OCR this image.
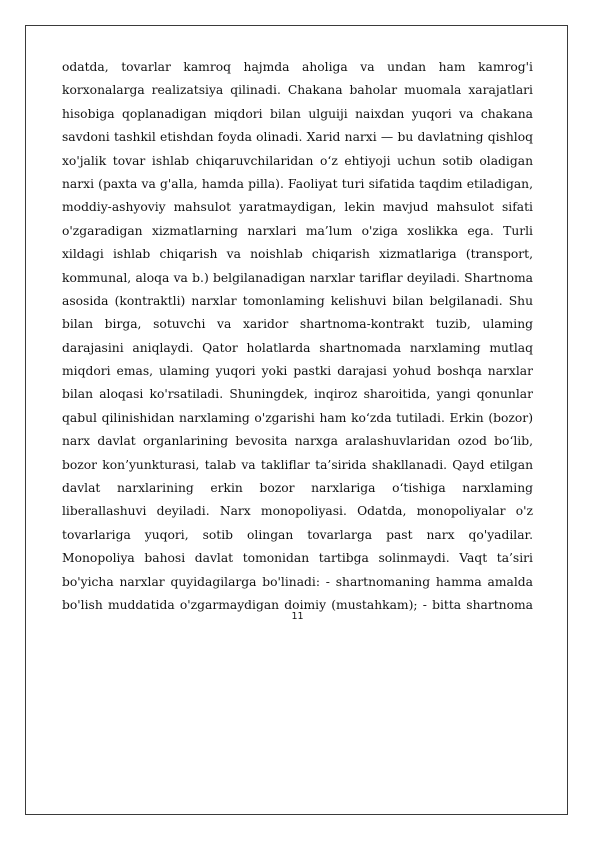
odatda, tovarlar kamroq hajmda aholiga va undan ham kamrog'i
korxonalarga realizatsiya qilinadi. Chakana baholar muomala xarajatlari
hisobiga qoplanadigan miqdori bilan ulguiji naixdan yuqori va chakana
savdoni tashkil etishdan foyda olinadi. Xarid narxi — bu davlatning qishloq
xo'jalik tovar ishlab chiqaruvchilaridan o‘z ehtiyoji uchun sotib oladigan
narxi (paxta va g'alla, hamda pilla). Faoliyat turi sifatida taqdim etiladigan,
moddiy-ashyoviy mahsulot yaratmaydigan, lekin mavjud mahsulot sifati
o'zgaradigan xizmatlarning narxlari ma’lum o'ziga xoslikka ega. Turli
xildagi ishlab chiqarish va noishlab chiqarish xizmatlariga (transport,
kommunal, aloqa va b.) belgilanadigan narxlar tariflar deyiladi. Shartnoma
asosida (kontraktli) narxlar tomonlaming kelishuvi bilan belgilanadi. Shu
bilan birga, sotuvchi va xaridor shartnoma-kontrakt tuzib, ulaming
darajasini aniqlaydi. Qator holatlarda shartnomada narxlaming mutlaq
miqdori emas, ulaming yuqori yoki pastki darajasi yohud boshqa narxlar
bilan aloqasi ko'rsatiladi. Shuningdek, inqiroz sharoitida, yangi qonunlar
qabul qilinishidan narxlaming o'zgarishi ham ko‘zda tutiladi. Erkin (bozor)
narx davlat organlarining bevosita narxga aralashuvlaridan ozod bo‘lib,
bozor kon’yunkturasi, talab va takliflar ta’sirida shakllanadi. Qayd etilgan
davlat narxlarining erkin bozor narxlariga o‘tishiga narxlaming
liberallashuvi deyiladi. Narx monopoliyasi. Odatda, monopoliyalar o'z
tovarlariga yuqori, sotib olingan tovarlarga past narx qo'yadilar.
Monopoliya bahosi davlat tomonidan tartibga solinmaydi. Vaqt ta’siri
bo'yicha narxlar quyidagilarga bo'linadi: - shartnomaning hamma amalda
bo'lish muddatida o'zgarmaydigan doimiy (mustahkam); - bitta shartnoma
11
